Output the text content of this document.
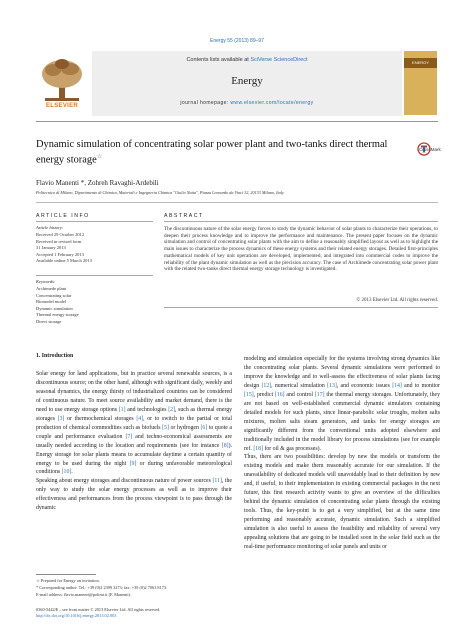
Energy 55 (2013) 89–97
ELSEVIER
Contents lists available at SciVerse ScienceDirect
Energy
journal homepage: www.elsevier.com/locate/energy
ENERGY
Dynamic simulation of concentrating solar power plant and two-tanks direct thermal energy storage☆
CrossMark
Flavio Manenti *, Zohreh Ravaghi-Ardebili
Politecnico di Milano, Dipartimento di Chimica, Materiali e Ingegneria Chimica "Giulio Natta", Piazza Leonardo da Vinci 32, 20133 Milano, Italy
ARTICLE INFO
Article history:
Received 29 October 2012
Received in revised form
31 January 2013
Accepted 1 February 2013
Available online 5 March 2013
Keywords:
Archimede plant
Concentrating solar
Biomodel model
Dynamic simulation
Thermal energy storage
Direct storage
ABSTRACT
The discontinuous nature of the solar energy forces to study the dynamic behavior of solar plants to characterize their operations, to deepen their process knowledge and to improve the performance and maintenance. The present paper focuses on the dynamic simulation and control of concentrating solar plants with the aim to define a reasonably simplified layout as well as to highlight the main issues to characterize the process dynamics of these energy systems and their related energy storages. Detailed first-principles mathematical models of key unit operations are developed, implemented, and integrated into commercial codes to improve the reliability of the plant dynamic simulation as well as the precision accuracy. The case of Archimede concentrating solar power plant with the related two-tanks direct thermal energy storage technology is investigated.
© 2013 Elsevier Ltd. All rights reserved.
1. Introduction
Solar energy for land applications, but in practice several renewable sources, is a discontinuous source; on the other hand, although with significant daily, weekly and seasonal dynamics, the energy thirsty of industrialized countries can be considered of continuous nature. To meet source availability and market demand, there is the need to use energy storage options [1] and technologies [2], such as thermal energy storages [3] or thermochemical storages [4], or to switch to the partial or total production of chemical commodities such as biofuels [5] or hydrogen [6] to quote a couple and performance evaluation [7] and techno-economical assessments are usually needed according to the location and requirements (see for instance [8]). Energy storage for solar plants means to accumulate daytime a certain quantity of energy to be used during the night [9] or during unfavorable meteorological conditions [10].
Speaking about energy storages and discontinuous nature of power sources [11], the only way to study the solar energy processes as well as to improve their effectiveness and performances from the process viewpoint is to pass through the dynamic
modeling and simulation especially for the systems involving strong dynamics like the concentrating solar plants. Several dynamic simulations were performed to improve the knowledge and to well-assess the effectiveness of solar plants facing design [12], numerical simulation [13], and economic issues [14] and to monitor [15], predict [16] and control [17] the thermal energy storages. Unfortunately, they are not based on well-established commercial dynamic simulators containing detailed models for such plants, since linear-parabolic solar troughs, molten salts mixtures, molten salts steam generators, and tanks for energy storages are significantly different from the conventional units adopted elsewhere and traditionally included in the model library for process simulations (see for example ref. [18] for oil & gas processes).
Thus, there are two possibilities: develop by new the models or transform the existing models and make them reasonably accurate for our simulation. If the unavailability of dedicated models will unavoidably lead to their definition by new and, if useful, to their implementation in existing commercial packages in the next future, this first research activity wants to give an overview of the difficulties behind the dynamic simulation of concentrating solar plants through the existing tools. Thus, the key-point is to get a very simplified, but at the same time performing and reasonably accurate, dynamic simulation. Such a simplified simulation is also useful to assess the feasibility and reliability of several very appealing solutions that are going to be installed soon in the solar field such as the real-time performance monitoring of solar panels and units or
☆ Prepared for Energy on invitation.
* Corresponding author. Tel.: +39 (0)2 2399 3273; fax: +39 (0)2 7063 8173.
E-mail address: flavio.manenti@polimi.it (F. Manenti).
0360-5442/$ – see front matter © 2013 Elsevier Ltd. All rights reserved.
http://dx.doi.org/10.1016/j.energy.2013.02.003
